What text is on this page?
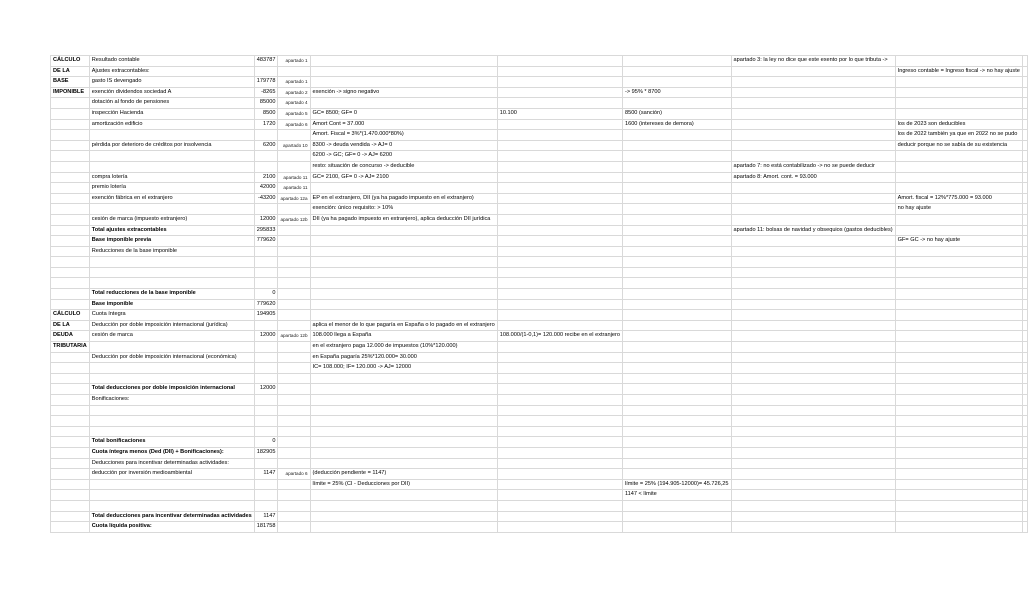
CÁLCULO	Resultado contable	483787	apartado 1				apartado 3: la ley no dice que este exento por lo que tributa ->		
DE LA	Ajustes extracontables:							Ingreso contable = Ingreso fiscal -> no hay ajuste	
BASE	gasto IS devengado	179778	apartado 1						
IMPONIBLE	exención dividendos sociedad A	-8265	apartado 2	exención -> signo negativo		-> 95% * 8700			
	dotación al fondo de pensiones	85000	apartado 4						
	inspección Hacienda	8500	apartado 5	GC= 8500; GF= 0	10.100	8500 (sanción)			
	amortización edificio	1720	apartado 6	Amort Cont = 37.000		1600 (intereses de demora)		los de 2023 son deducibles	
				Amort. Fiscal = 3%*(1.470.000*80%)				los de 2022 también ya que en 2022 no se pudo	
	pérdida por deterioro de créditos por insolvencia	6200	apartado 10	8300 -> deuda vendida -> AJ= 0				deducir porque no se sabía de su existencia	
				6200 -> GC; GF= 0 -> AJ= 6200					
				resto: situación de concurso -> deducible			apartado 7: no está contabilizado -> no se puede deducir		
	compra lotería	2100	apartado 11	GC= 2100, GF= 0 -> AJ= 2100			apartado 8: Amort. cont. = 93.000		
	premio lotería	42000	apartado 11						
	exención fábrica en el extranjero	-43200	apartado 12a	EP en el extranjero, DII (ya ha pagado impuesto en el extranjero)				Amort. fiscal = 12%*775.000 = 93.000	
				exención: único requisito: > 10%				no hay ajuste	
	cesión de marca (impuesto extranjero)	12000	apartado 12b	DII (ya ha pagado impuesto en extranjero), aplica deducción DII jurídica					
	Total ajustes extracontables	295833					apartado 11: bolsas de navidad y obsequios (gastos deducibles)		
	Base imponible previa	779620						GF= GC -> no hay ajuste	
	Reducciones de la base imponible								

	Total reducciones de la base imponible	0							
	Base imponible	779620							
CÁLCULO	Cuota íntegra	194905							
DE LA	Deducción por doble imposición internacional (jurídica)			aplica el menor de lo que pagaría en España o lo pagado en el extranjero					
DEUDA	cesión de marca	12000	apartado 12b	108.000 llega a España	108.000/(1-0,1)= 120.000 recibe en el extranjero				
TRIBUTARIA				en el extranjero paga 12.000 de impuestos (10%*120.000)					
	Deducción por doble imposición internacional (económica)			en España pagaría 25%*120.000= 30.000					
				IC= 108.000; IF= 120.000 -> AJ= 12000					

	Total deducciones por doble imposición internacional	12000							
	Bonificaciones:								

	Total bonificaciones	0							
	Cuota íntegra menos (Ded (DII) + Bonificaciones):	182905							
	Deducciones para incentivar determinadas actividades:								
	deducción por inversión medioambiental	1147	apartado 6	(deducción pendiente = 1147)					
				límite = 25% (CI - Deducciones por DII)		límite = 25% (194.905-12000)= 45.726,25			
						1147 < límite			

	Total deducciones para incentivar determinadas actividades	1147							
	Cuota líquida positiva:	181758							
